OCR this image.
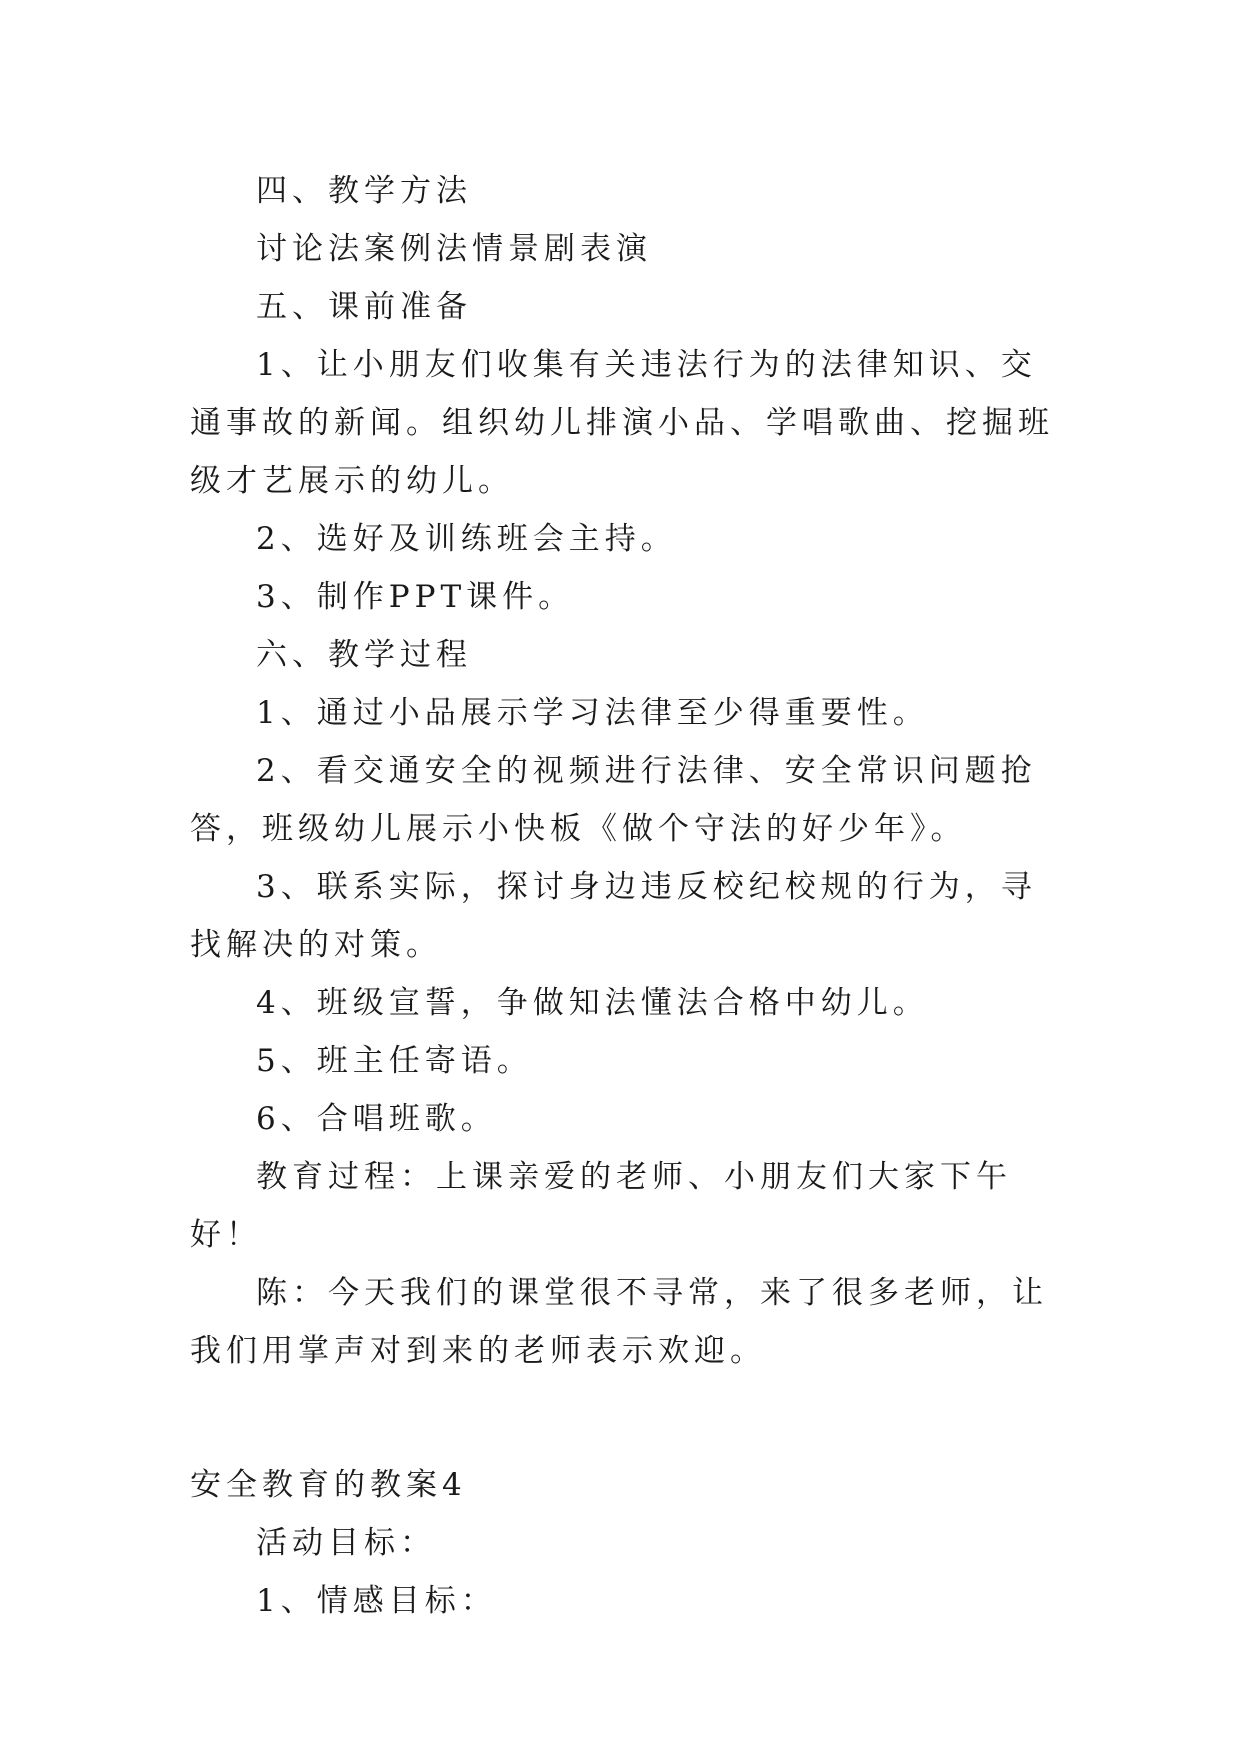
四、教学方法

讨论法案例法情景剧表演

五、课前准备

1、让小朋友们收集有关违法行为的法律知识、交通事故的新闻。组织幼儿排演小品、学唱歌曲、挖掘班级才艺展示的幼儿。

2、选好及训练班会主持。

3、制作PPT课件。

六、教学过程

1、通过小品展示学习法律至少得重要性。

2、看交通安全的视频进行法律、安全常识问题抢答，班级幼儿展示小快板《做个守法的好少年》。

3、联系实际，探讨身边违反校纪校规的行为，寻找解决的对策。

4、班级宣誓，争做知法懂法合格中幼儿。

5、班主任寄语。

6、合唱班歌。

教育过程：上课亲爱的老师、小朋友们大家下午好！

陈：今天我们的课堂很不寻常，来了很多老师，让我们用掌声对到来的老师表示欢迎。

安全教育的教案4

活动目标：

1、情感目标：
